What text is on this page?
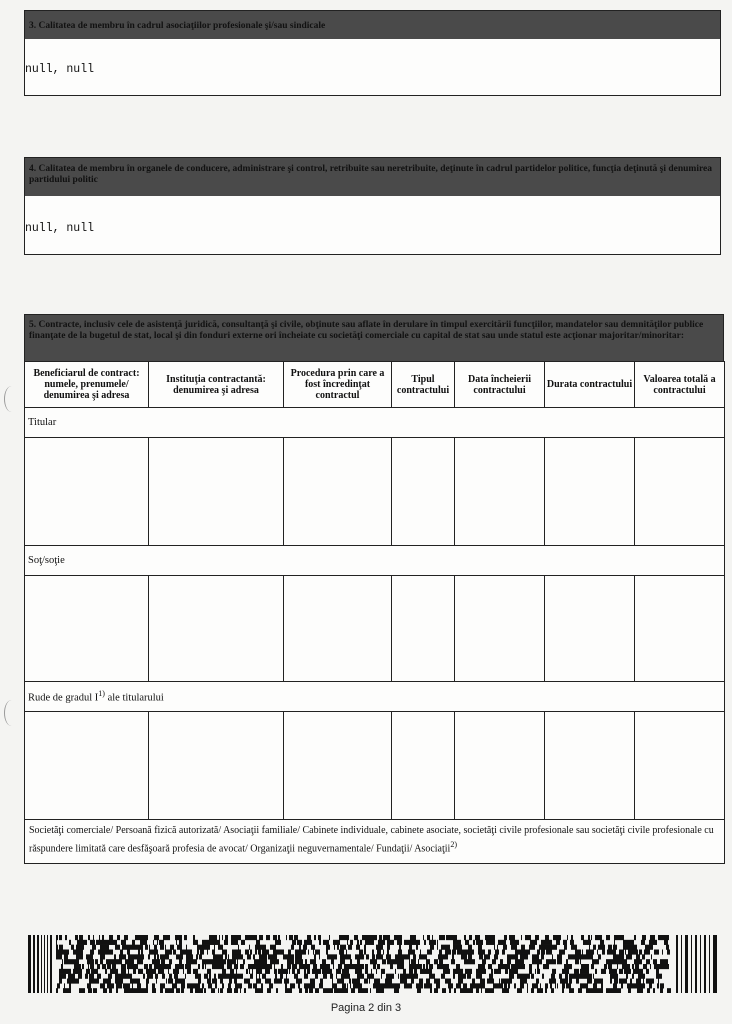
3. Calitatea de membru în cadrul asociaţiilor profesionale şi/sau sindicale
null, null
4. Calitatea de membru în organele de conducere, administrare şi control, retribuite sau neretribuite, deţinute în cadrul partidelor politice, funcţia deţinută şi denumirea partidului politic
null, null
5. Contracte, inclusiv cele de asistenţă juridică, consultanţă şi civile, obţinute sau aflate în derulare în timpul exercitării funcţiilor, mandatelor sau demnităţilor publice finanţate de la bugetul de stat, local şi din fonduri externe ori încheiate cu societăţi comerciale cu capital de stat sau unde statul este acţionar majoritar/minoritar:
Beneficiarul de contract: numele, prenumele/ denumirea şi adresa	Instituţia contractantă: denumirea şi adresa	Procedura prin care a fost încredinţat contractul	Tipul contractului	Data încheierii contractului	Durata contractului	Valoarea totală a contractului
Titular						

Soţ/soţie						

Rude de gradul $I^{1)}$ ale titularului						

Societăţi comerciale/ Persoană fizică autorizată/ Asociaţii familiale/ Cabinete individuale, cabinete asociate, societăţi civile profesionale sau societăţi civile profesionale cu răspundere limitată care desfăşoară profesia de avocat/ Organizaţii neguvernamentale/ Fundaţii/ Asociaţii$^{2)}$
Pagina 2 din 3
